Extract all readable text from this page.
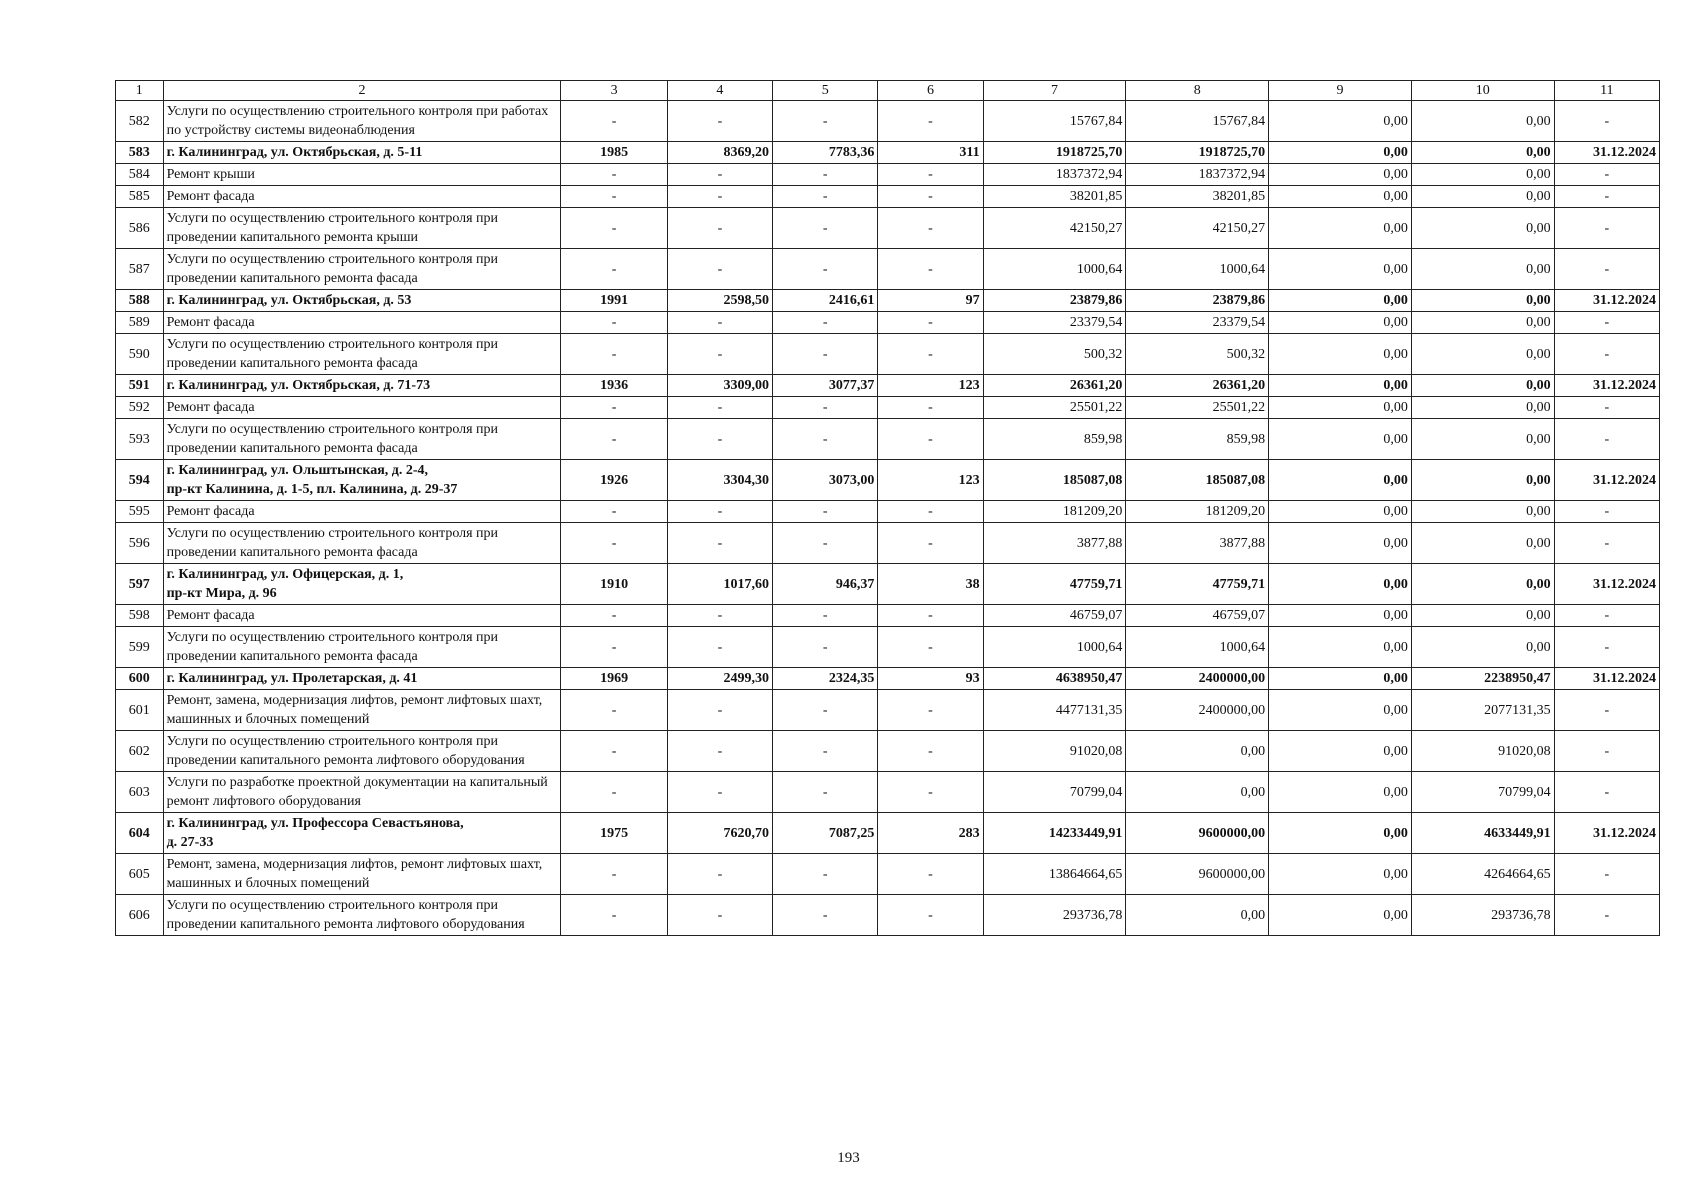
1	2	3	4	5	6	7	8	9	10	11
582	Услуги по осуществлению строительного контроля при работах по устройству системы видеонаблюдения	-	-	-	-	15767,84	15767,84	0,00	0,00	-
583	г. Калининград, ул. Октябрьская, д. 5-11	1985	8369,20	7783,36	311	1918725,70	1918725,70	0,00	0,00	31.12.2024
584	Ремонт крыши	-	-	-	-	1837372,94	1837372,94	0,00	0,00	-
585	Ремонт фасада	-	-	-	-	38201,85	38201,85	0,00	0,00	-
586	Услуги по осуществлению строительного контроля при проведении капитального ремонта крыши	-	-	-	-	42150,27	42150,27	0,00	0,00	-
587	Услуги по осуществлению строительного контроля при проведении капитального ремонта фасада	-	-	-	-	1000,64	1000,64	0,00	0,00	-
588	г. Калининград, ул. Октябрьская, д. 53	1991	2598,50	2416,61	97	23879,86	23879,86	0,00	0,00	31.12.2024
589	Ремонт фасада	-	-	-	-	23379,54	23379,54	0,00	0,00	-
590	Услуги по осуществлению строительного контроля при проведении капитального ремонта фасада	-	-	-	-	500,32	500,32	0,00	0,00	-
591	г. Калининград, ул. Октябрьская, д. 71-73	1936	3309,00	3077,37	123	26361,20	26361,20	0,00	0,00	31.12.2024
592	Ремонт фасада	-	-	-	-	25501,22	25501,22	0,00	0,00	-
593	Услуги по осуществлению строительного контроля при проведении капитального ремонта фасада	-	-	-	-	859,98	859,98	0,00	0,00	-
594	г. Калининград, ул. Ольштынская, д. 2-4,
пр-кт Калинина, д. 1-5, пл. Калинина, д. 29-37	1926	3304,30	3073,00	123	185087,08	185087,08	0,00	0,00	31.12.2024
595	Ремонт фасада	-	-	-	-	181209,20	181209,20	0,00	0,00	-
596	Услуги по осуществлению строительного контроля при проведении капитального ремонта фасада	-	-	-	-	3877,88	3877,88	0,00	0,00	-
597	г. Калининград, ул. Офицерская, д. 1,
пр-кт Мира, д. 96	1910	1017,60	946,37	38	47759,71	47759,71	0,00	0,00	31.12.2024
598	Ремонт фасада	-	-	-	-	46759,07	46759,07	0,00	0,00	-
599	Услуги по осуществлению строительного контроля при проведении капитального ремонта фасада	-	-	-	-	1000,64	1000,64	0,00	0,00	-
600	г. Калининград, ул. Пролетарская, д. 41	1969	2499,30	2324,35	93	4638950,47	2400000,00	0,00	2238950,47	31.12.2024
601	Ремонт, замена, модернизация лифтов, ремонт лифтовых шахт, машинных и блочных помещений	-	-	-	-	4477131,35	2400000,00	0,00	2077131,35	-
602	Услуги по осуществлению строительного контроля при проведении капитального ремонта лифтового оборудования	-	-	-	-	91020,08	0,00	0,00	91020,08	-
603	Услуги по разработке проектной документации на капитальный ремонт лифтового оборудования	-	-	-	-	70799,04	0,00	0,00	70799,04	-
604	г. Калининград, ул. Профессора Севастьянова,
д. 27-33	1975	7620,70	7087,25	283	14233449,91	9600000,00	0,00	4633449,91	31.12.2024
605	Ремонт, замена, модернизация лифтов, ремонт лифтовых шахт, машинных и блочных помещений	-	-	-	-	13864664,65	9600000,00	0,00	4264664,65	-
606	Услуги по осуществлению строительного контроля при проведении капитального ремонта лифтового оборудования	-	-	-	-	293736,78	0,00	0,00	293736,78	-
193
